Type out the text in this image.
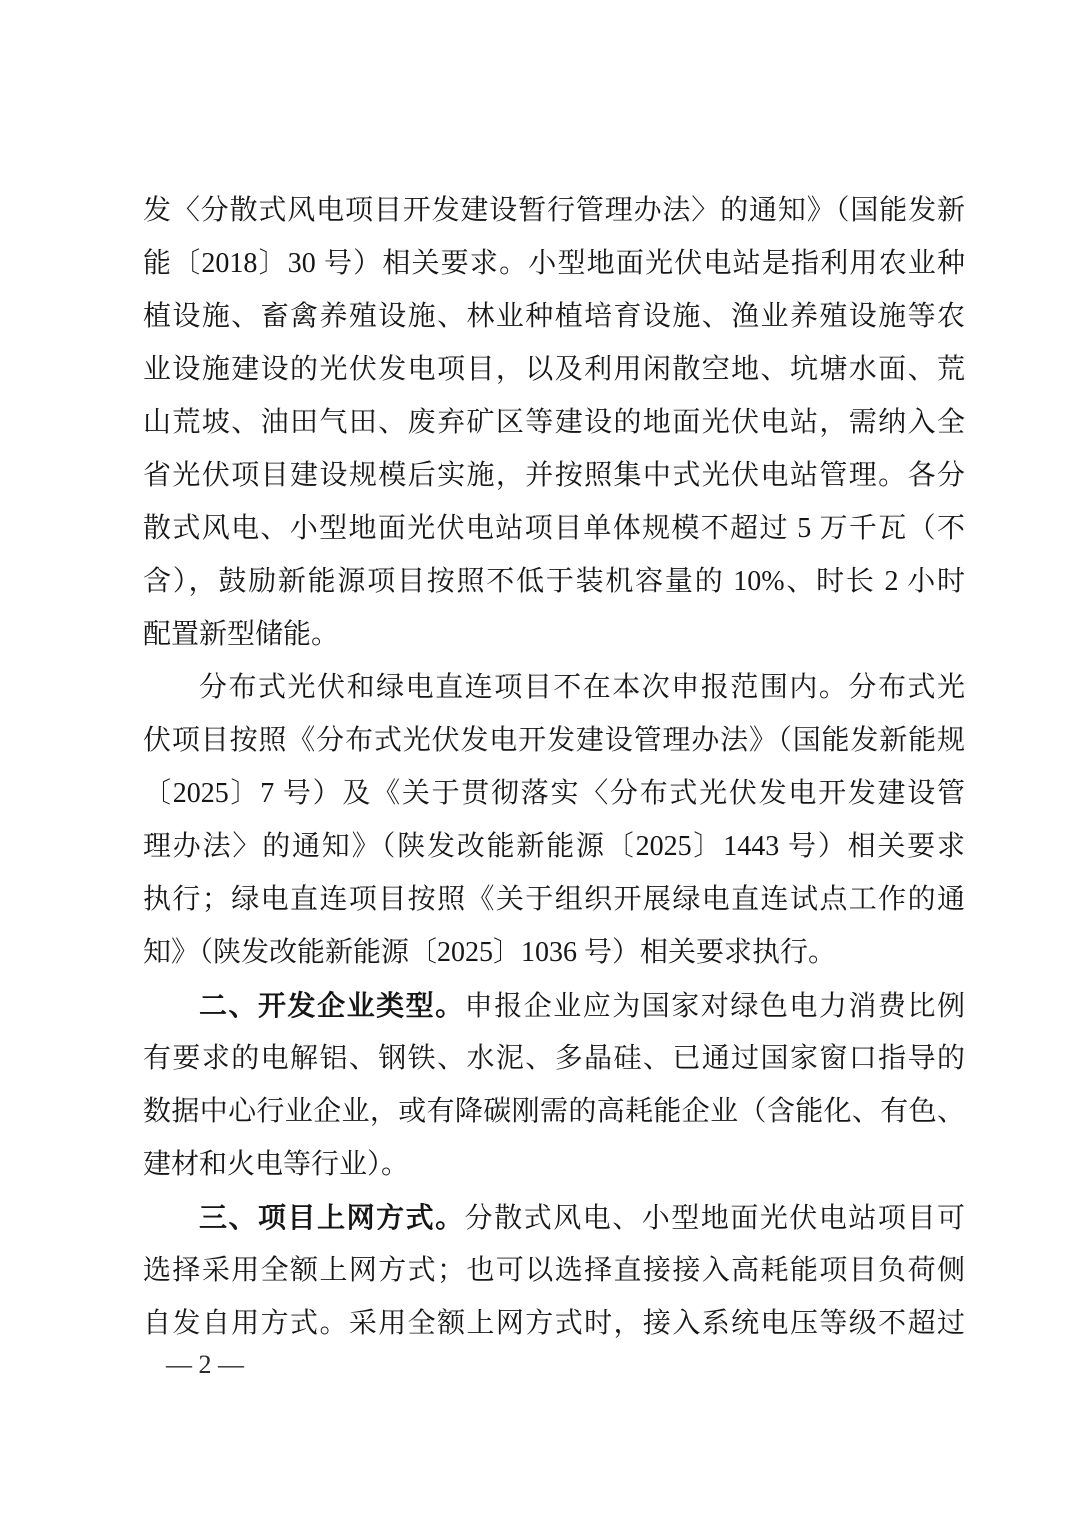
发〈分散式风电项目开发建设暂行管理办法〉的通知》（国能发新
能〔2018〕30 号）相关要求。小型地面光伏电站是指利用农业种
植设施、畜禽养殖设施、林业种植培育设施、渔业养殖设施等农
业设施建设的光伏发电项目，以及利用闲散空地、坑塘水面、荒
山荒坡、油田气田、废弃矿区等建设的地面光伏电站，需纳入全
省光伏项目建设规模后实施，并按照集中式光伏电站管理。各分
散式风电、小型地面光伏电站项目单体规模不超过 5 万千瓦（不
含），鼓励新能源项目按照不低于装机容量的 10%、时长 2 小时
配置新型储能。
分布式光伏和绿电直连项目不在本次申报范围内。分布式光
伏项目按照《分布式光伏发电开发建设管理办法》（国能发新能规
〔2025〕7 号）及《关于贯彻落实〈分布式光伏发电开发建设管
理办法〉的通知》（陕发改能新能源〔2025〕1443 号）相关要求
执行；绿电直连项目按照《关于组织开展绿电直连试点工作的通
知》（陕发改能新能源〔2025〕1036 号）相关要求执行。
二、开发企业类型。申报企业应为国家对绿色电力消费比例
有要求的电解铝、钢铁、水泥、多晶硅、已通过国家窗口指导的
数据中心行业企业，或有降碳刚需的高耗能企业（含能化、有色、
建材和火电等行业）。
三、项目上网方式。分散式风电、小型地面光伏电站项目可
选择采用全额上网方式；也可以选择直接接入高耗能项目负荷侧
自发自用方式。采用全额上网方式时，接入系统电压等级不超过
— 2 —
